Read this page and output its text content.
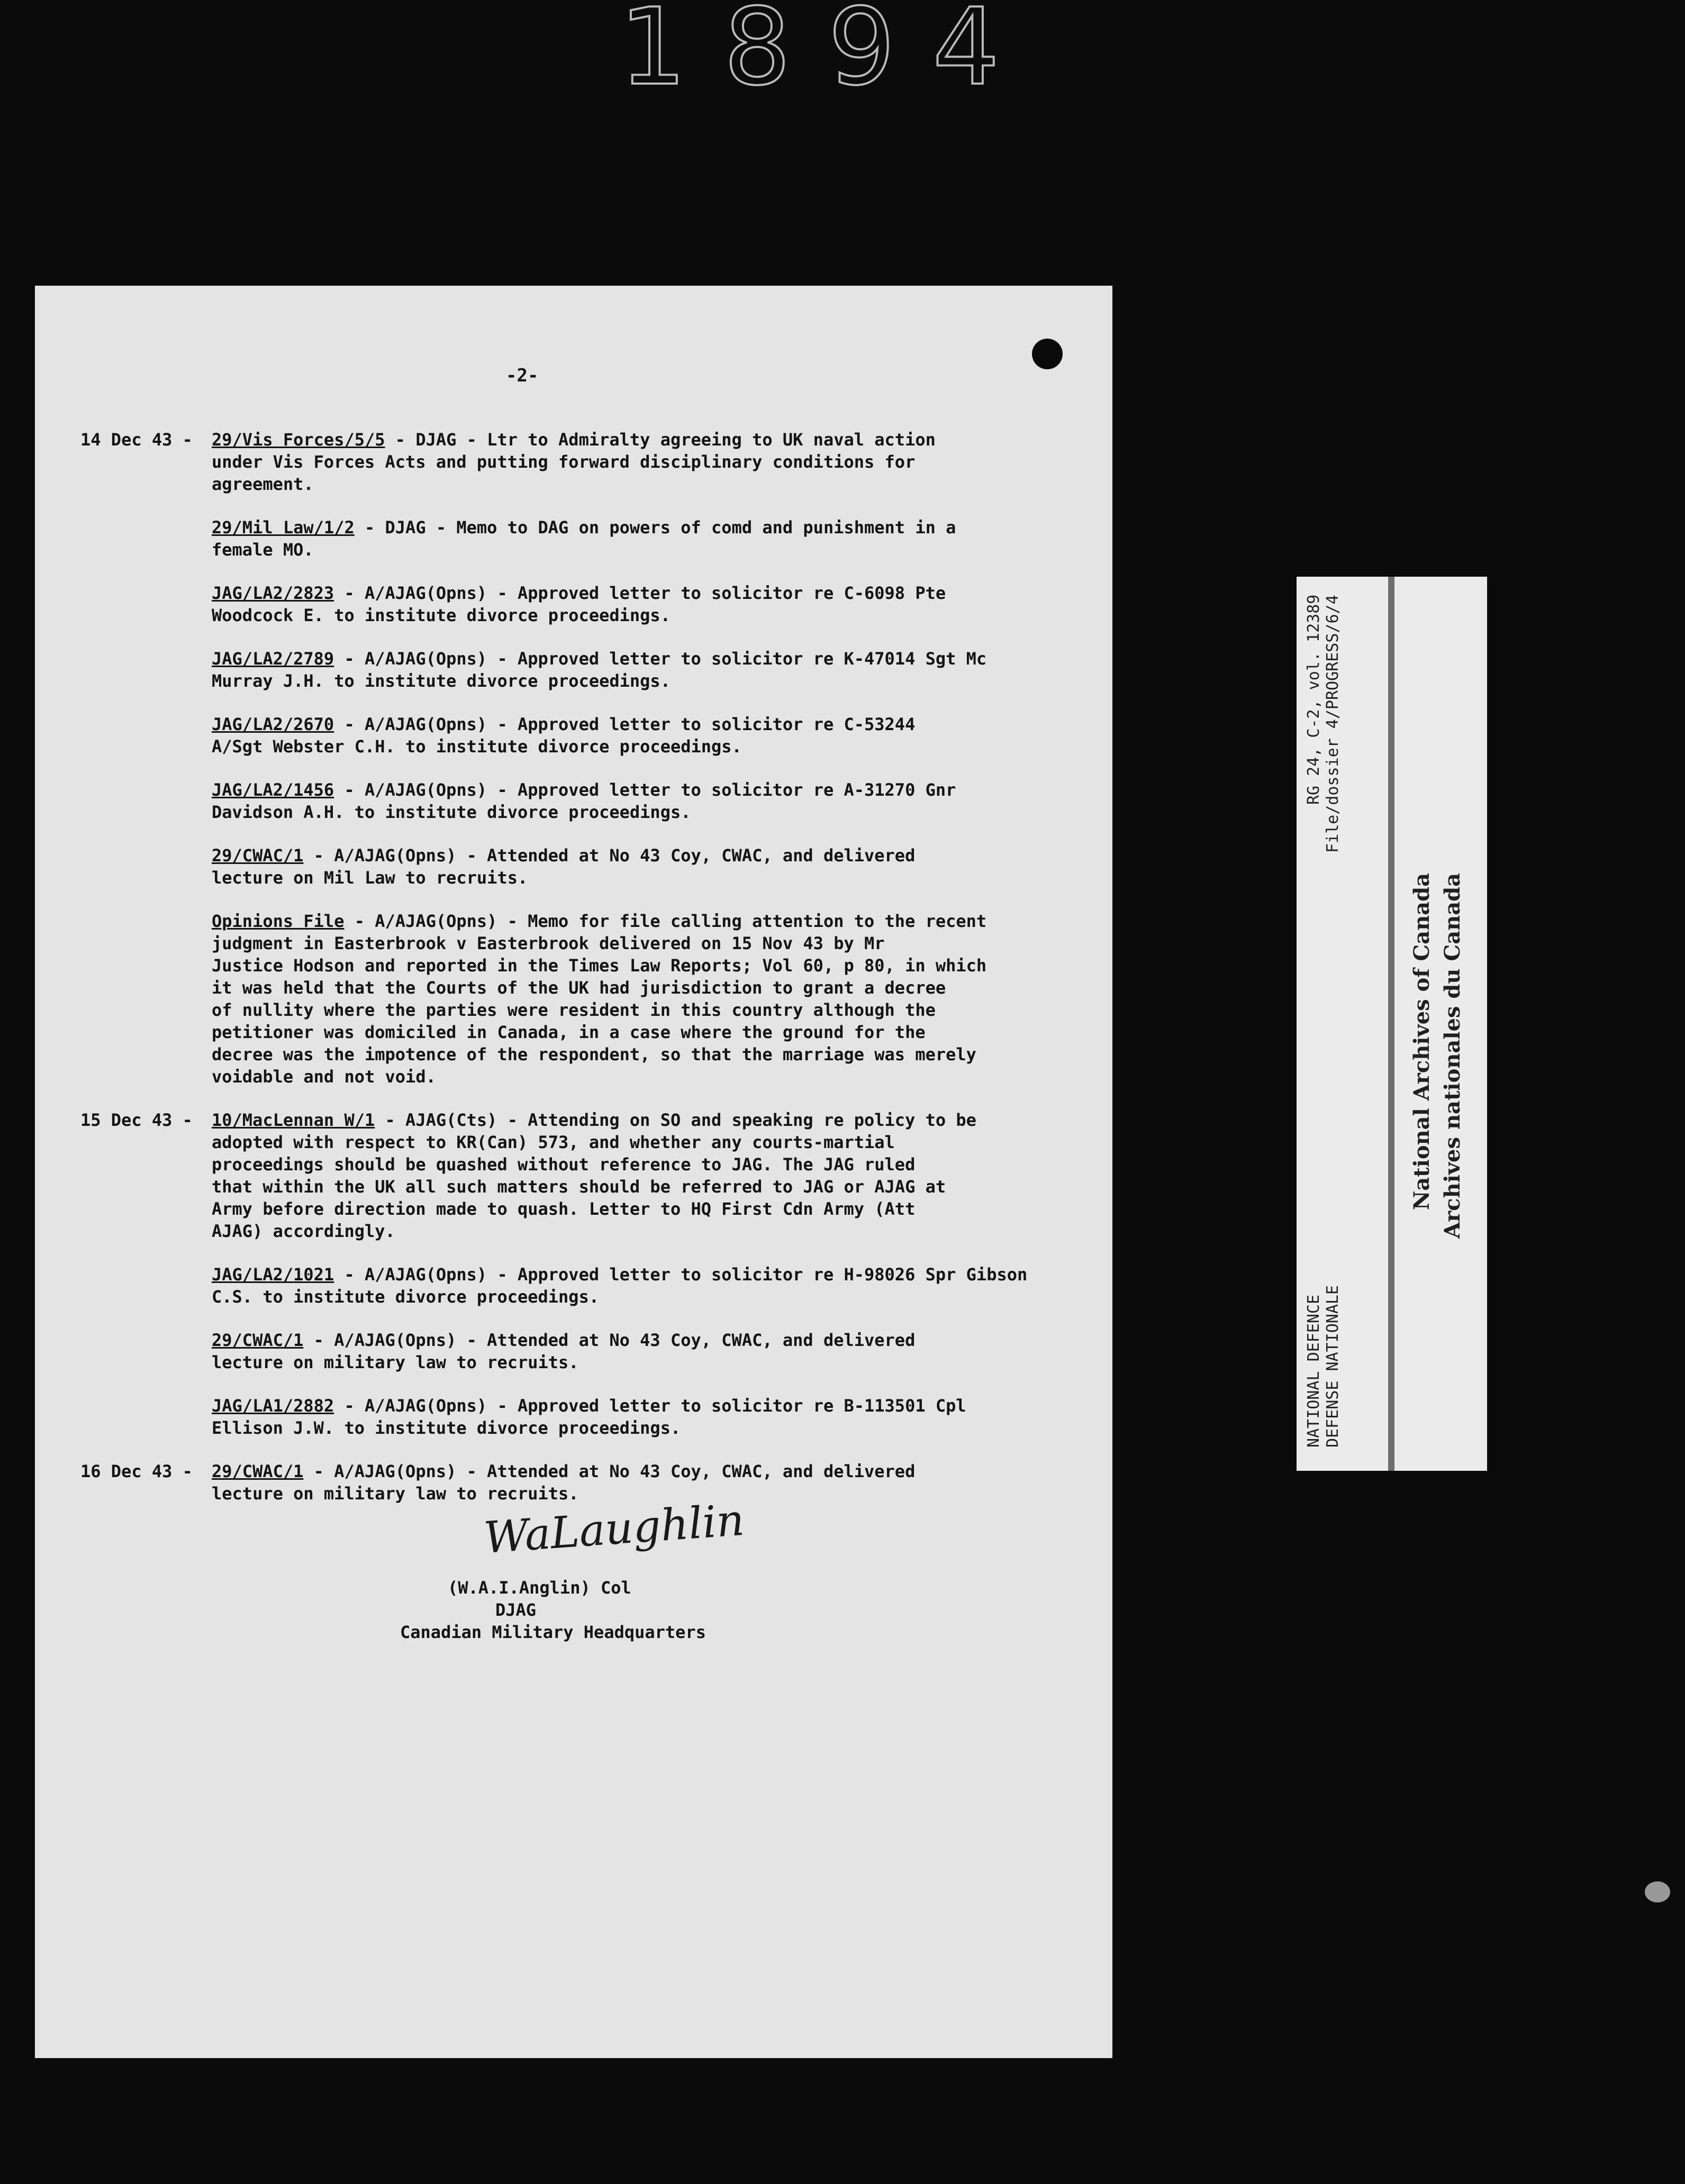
1894
-2-
14 Dec 43 - 29/Vis Forces/5/5 - DJAG - Ltr to Admiralty agreeing to UK naval action
under Vis Forces Acts and putting forward disciplinary conditions for
agreement.
29/Mil Law/1/2 - DJAG - Memo to DAG on powers of comd and punishment in a
female MO.
JAG/LA2/2823 - A/AJAG(Opns) - Approved letter to solicitor re C-6098 Pte
Woodcock E. to institute divorce proceedings.
JAG/LA2/2789 - A/AJAG(Opns) - Approved letter to solicitor re K-47014 Sgt Mc
Murray J.H. to institute divorce proceedings.
JAG/LA2/2670 - A/AJAG(Opns) - Approved letter to solicitor re C-53244
A/Sgt Webster C.H. to institute divorce proceedings.
JAG/LA2/1456 - A/AJAG(Opns) - Approved letter to solicitor re A-31270 Gnr
Davidson A.H. to institute divorce proceedings.
29/CWAC/1 - A/AJAG(Opns) - Attended at No 43 Coy, CWAC, and delivered
lecture on Mil Law to recruits.
Opinions File - A/AJAG(Opns) - Memo for file calling attention to the recent
judgment in Easterbrook v Easterbrook delivered on 15 Nov 43 by Mr
Justice Hodson and reported in the Times Law Reports; Vol 60, p 80, in which
it was held that the Courts of the UK had jurisdiction to grant a decree
of nullity where the parties were resident in this country although the
petitioner was domiciled in Canada, in a case where the ground for the
decree was the impotence of the respondent, so that the marriage was merely
voidable and not void.
15 Dec 43 - 10/MacLennan W/1 - AJAG(Cts) - Attending on SO and speaking re policy to be
adopted with respect to KR(Can) 573, and whether any courts-martial
proceedings should be quashed without reference to JAG. The JAG ruled
that within the UK all such matters should be referred to JAG or AJAG at
Army before direction made to quash. Letter to HQ First Cdn Army (Att
AJAG) accordingly.
JAG/LA2/1021 - A/AJAG(Opns) - Approved letter to solicitor re H-98026 Spr Gibson
C.S. to institute divorce proceedings.
29/CWAC/1 - A/AJAG(Opns) - Attended at No 43 Coy, CWAC, and delivered
lecture on military law to recruits.
JAG/LA1/2882 - A/AJAG(Opns) - Approved letter to solicitor re B-113501 Cpl
Ellison J.W. to institute divorce proceedings.
16 Dec 43 - 29/CWAC/1 - A/AJAG(Opns) - Attended at No 43 Coy, CWAC, and delivered
lecture on military law to recruits.
WaLaughlin
(W.A.I.Anglin) Col
DJAG
Canadian Military Headquarters
NATIONAL DEFENCE DEFENSE NATIONALE
RG 24, C-2, vol. 12389 File/dossier 4/PROGRESS/6/4
National Archives of Canada Archives nationales du Canada
